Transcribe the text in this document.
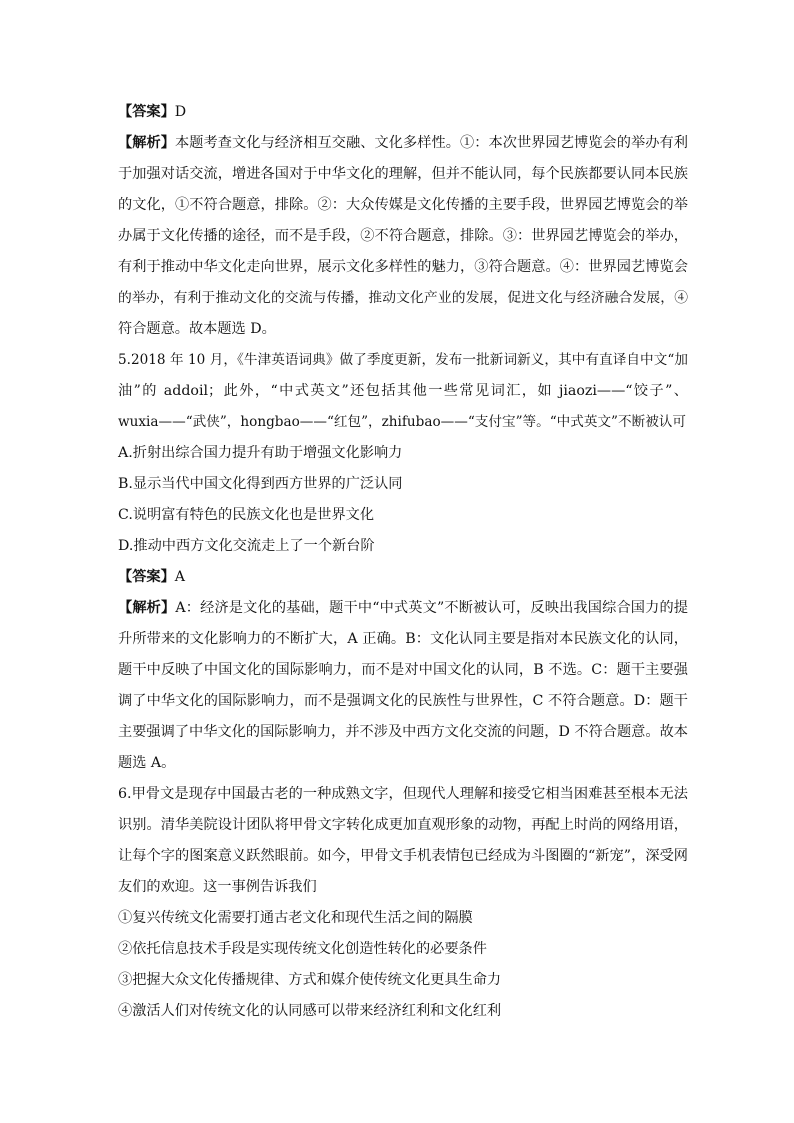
【答案】D
【解析】本题考查文化与经济相互交融、文化多样性。①：本次世界园艺博览会的举办有利
于加强对话交流，增进各国对于中华文化的理解，但并不能认同，每个民族都要认同本民族
的文化，①不符合题意，排除。②：大众传媒是文化传播的主要手段，世界园艺博览会的举
办属于文化传播的途径，而不是手段，②不符合题意，排除。③：世界园艺博览会的举办，
有利于推动中华文化走向世界，展示文化多样性的魅力，③符合题意。④：世界园艺博览会
的举办，有利于推动文化的交流与传播，推动文化产业的发展，促进文化与经济融合发展，④
符合题意。故本题选 D。
5.2018 年 10 月，《牛津英语词典》做了季度更新，发布一批新词新义，其中有直译自中文“加
油”的 addoil；此外，“中式英文”还包括其他一些常见词汇，如 jiaozi——“饺子”、
wuxia——“武侠”，hongbao——“红包”，zhifubao——“支付宝”等。“中式英文”不断被认可
A.折射出综合国力提升有助于增强文化影响力
B.显示当代中国文化得到西方世界的广泛认同
C.说明富有特色的民族文化也是世界文化
D.推动中西方文化交流走上了一个新台阶
【答案】A
【解析】A：经济是文化的基础，题干中“中式英文”不断被认可，反映出我国综合国力的提
升所带来的文化影响力的不断扩大，A 正确。B：文化认同主要是指对本民族文化的认同，
题干中反映了中国文化的国际影响力，而不是对中国文化的认同，B 不选。C：题干主要强
调了中华文化的国际影响力，而不是强调文化的民族性与世界性，C 不符合题意。D：题干
主要强调了中华文化的国际影响力，并不涉及中西方文化交流的问题，D 不符合题意。故本
题选 A。
6.甲骨文是现存中国最古老的一种成熟文字，但现代人理解和接受它相当困难甚至根本无法
识别。清华美院设计团队将甲骨文字转化成更加直观形象的动物，再配上时尚的网络用语，
让每个字的图案意义跃然眼前。如今，甲骨文手机表情包已经成为斗图圈的“新宠”，深受网
友们的欢迎。这一事例告诉我们
①复兴传统文化需要打通古老文化和现代生活之间的隔膜
②依托信息技术手段是实现传统文化创造性转化的必要条件
③把握大众文化传播规律、方式和媒介使传统文化更具生命力
④激活人们对传统文化的认同感可以带来经济红利和文化红利
